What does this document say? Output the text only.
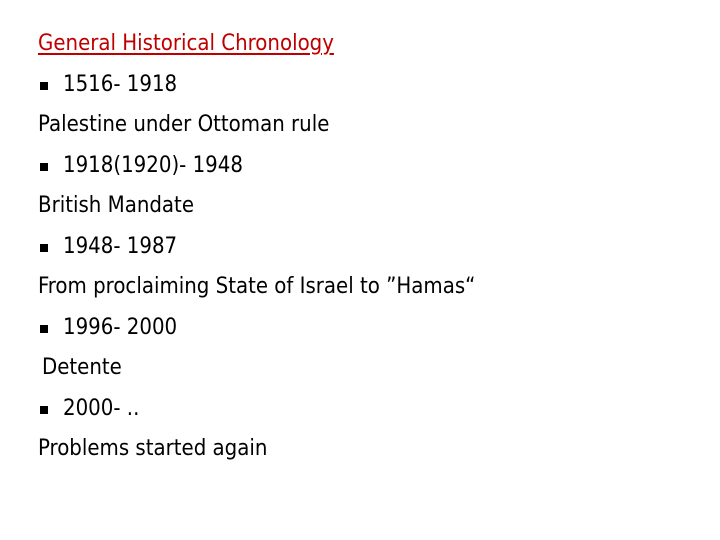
General Historical Chronology
1516- 1918
Palestine under Ottoman rule
1918(1920)- 1948
British Mandate
1948- 1987
From proclaiming State of Israel to ”Hamas“
1996- 2000
Detente
2000- ..
Problems started again
